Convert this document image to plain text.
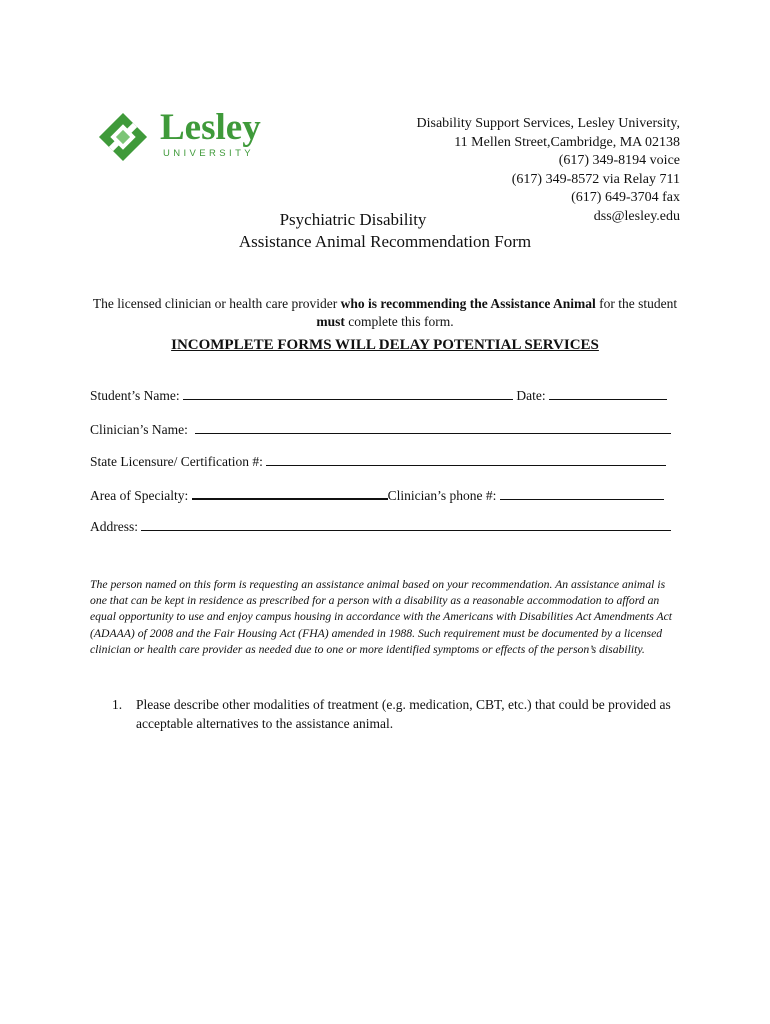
Lesley
UNIVERSITY
Disability Support Services, Lesley University,
11 Mellen Street,Cambridge, MA 02138
(617) 349-8194 voice
(617) 349-8572 via Relay 711
(617) 649-3704 fax
dss@lesley.edu
Psychiatric Disability
Assistance Animal Recommendation Form
The licensed clinician or health care provider who is recommending the Assistance Animal for the student must complete this form.
INCOMPLETE FORMS WILL DELAY POTENTIAL SERVICES
Student’s Name:	Date:
Clinician’s Name:
State Licensure/ Certification #:
Area of Specialty:	Clinician’s phone #:
Address:
The person named on this form is requesting an assistance animal based on your recommendation. An assistance animal is one that can be kept in residence as prescribed for a person with a disability as a reasonable accommodation to afford an equal opportunity to use and enjoy campus housing in accordance with the Americans with Disabilities Act Amendments Act (ADAAA) of 2008 and the Fair Housing Act (FHA) amended in 1988. Such requirement must be documented by a licensed clinician or health care provider as needed due to one or more identified symptoms or effects of the person’s disability.
1. Please describe other modalities of treatment (e.g. medication, CBT, etc.) that could be provided as acceptable alternatives to the assistance animal.
